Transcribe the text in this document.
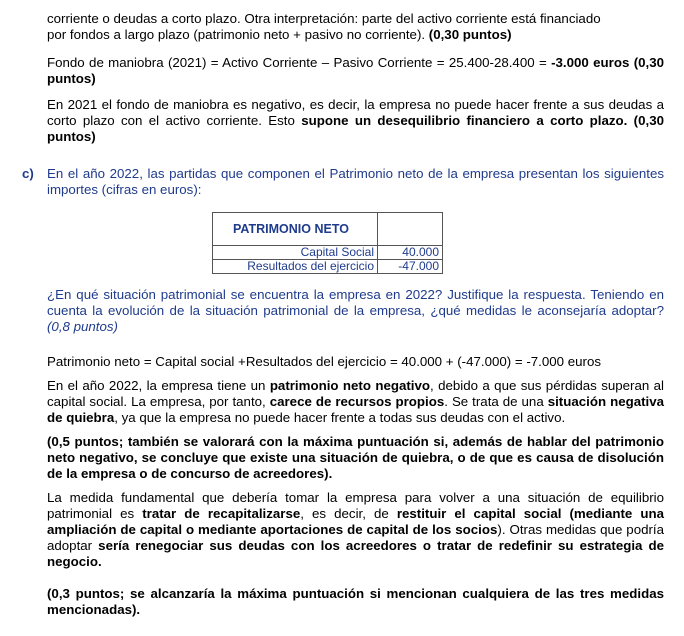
corriente o deudas a corto plazo. Otra interpretación: parte del activo corriente está financiado

por fondos a largo plazo (patrimonio neto + pasivo no corriente). (0,30 puntos)

Fondo de maniobra (2021) = Activo Corriente – Pasivo Corriente = 25.400-28.400 = -3.000 euros (0,30 puntos)

En 2021 el fondo de maniobra es negativo, es decir, la empresa no puede hacer frente a sus deudas a corto plazo con el activo corriente. Esto supone un desequilibrio financiero a corto plazo. (0,30 puntos)

c) En el año 2022, las partidas que componen el Patrimonio neto de la empresa presentan los siguientes importes (cifras en euros):

PATRIMONIO NETO	
Capital Social	40.000
Resultados del ejercicio	-47.000

¿En qué situación patrimonial se encuentra la empresa en 2022? Justifique la respuesta. Teniendo en cuenta la evolución de la situación patrimonial de la empresa, ¿qué medidas le aconsejaría adoptar? (0,8 puntos)

Patrimonio neto = Capital social +Resultados del ejercicio = 40.000 + (-47.000) = -7.000 euros

En el año 2022, la empresa tiene un patrimonio neto negativo, debido a que sus pérdidas superan al capital social. La empresa, por tanto, carece de recursos propios. Se trata de una situación negativa de quiebra, ya que la empresa no puede hacer frente a todas sus deudas con el activo.

(0,5 puntos; también se valorará con la máxima puntuación si, además de hablar del patrimonio neto negativo, se concluye que existe una situación de quiebra, o de que es causa de disolución de la empresa o de concurso de acreedores).

La medida fundamental que debería tomar la empresa para volver a una situación de equilibrio patrimonial es tratar de recapitalizarse, es decir, de restituir el capital social (mediante una ampliación de capital o mediante aportaciones de capital de los socios). Otras medidas que podría adoptar sería renegociar sus deudas con los acreedores o tratar de redefinir su estrategia de negocio.

(0,3 puntos; se alcanzaría la máxima puntuación si mencionan cualquiera de las tres medidas mencionadas).
